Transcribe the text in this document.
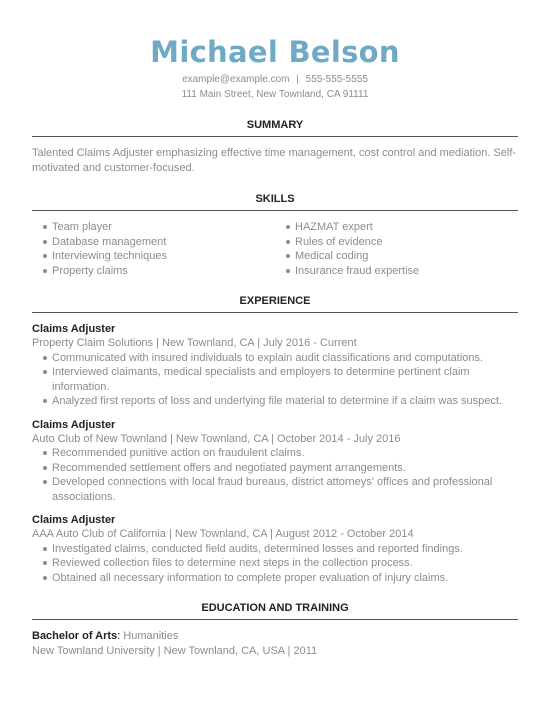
Michael Belson
example@example.com | 555-555-5555
111 Main Street, New Townland, CA 91111
SUMMARY
Talented Claims Adjuster emphasizing effective time management, cost control and mediation. Self-motivated and customer-focused.
SKILLS
Team player
Database management
Interviewing techniques
Property claims
HAZMAT expert
Rules of evidence
Medical coding
Insurance fraud expertise
EXPERIENCE
Claims Adjuster
Property Claim Solutions | New Townland, CA | July 2016 - Current
Communicated with insured individuals to explain audit classifications and computations.
Interviewed claimants, medical specialists and employers to determine pertinent claim information.
Analyzed first reports of loss and underlying file material to determine if a claim was suspect.
Claims Adjuster
Auto Club of New Townland | New Townland, CA | October 2014 - July 2016
Recommended punitive action on fraudulent claims.
Recommended settlement offers and negotiated payment arrangements.
Developed connections with local fraud bureaus, district attorneys' offices and professional associations.
Claims Adjuster
AAA Auto Club of California | New Townland, CA | August 2012 - October 2014
Investigated claims, conducted field audits, determined losses and reported findings.
Reviewed collection files to determine next steps in the collection process.
Obtained all necessary information to complete proper evaluation of injury claims.
EDUCATION AND TRAINING
Bachelor of Arts: Humanities
New Townland University | New Townland, CA, USA | 2011
